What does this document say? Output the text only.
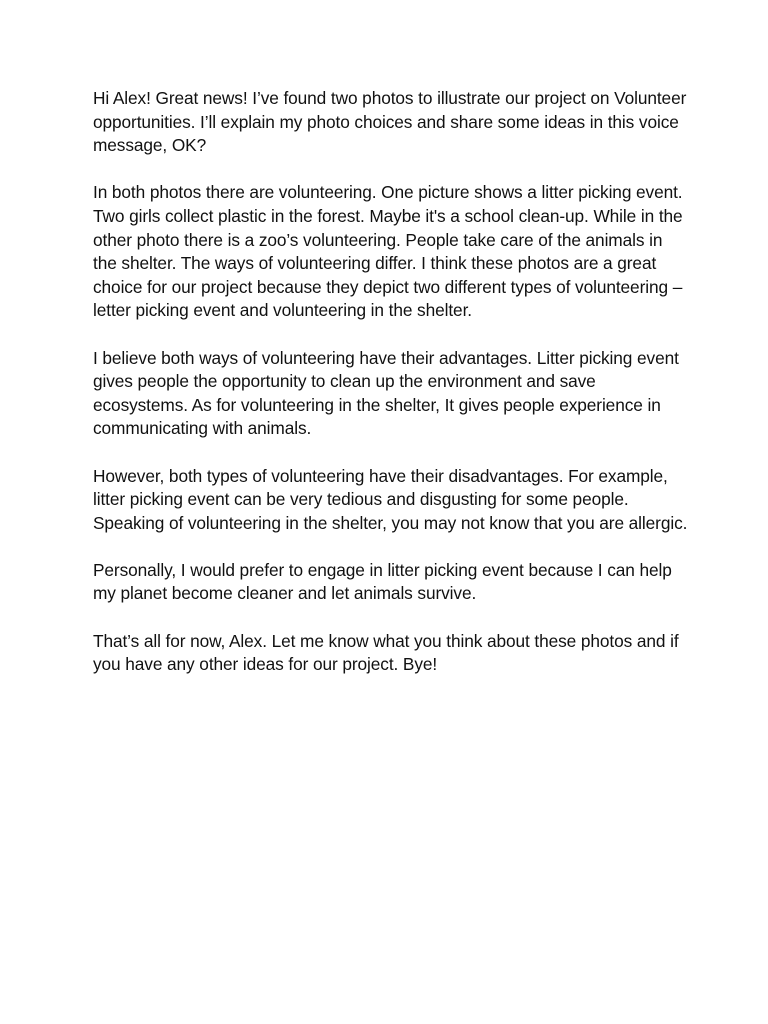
Hi Alex! Great news! I’ve found two photos to illustrate our project on Volunteer opportunities. I’ll explain my photo choices and share some ideas in this voice message, OK?

In both photos there are volunteering. One picture shows a litter picking event. Two girls collect plastic in the forest. Maybe it's a school clean-up. While in the other photo there is a zoo’s volunteering. People take care of the animals in the shelter. The ways of volunteering differ. I think these photos are a great choice for our project because they depict two different types of volunteering – letter picking event and volunteering in the shelter.

I believe both ways of volunteering have their advantages. Litter picking event gives people the opportunity to clean up the environment and save ecosystems. As for volunteering in the shelter, It gives people experience in communicating with animals.

However, both types of volunteering have their disadvantages. For example, litter picking event can be very tedious and disgusting for some people. Speaking of volunteering in the shelter, you may not know that you are allergic.

Personally, I would prefer to engage in litter picking event because I can help my planet become cleaner and let animals survive.

That’s all for now, Alex. Let me know what you think about these photos and if you have any other ideas for our project. Bye!
